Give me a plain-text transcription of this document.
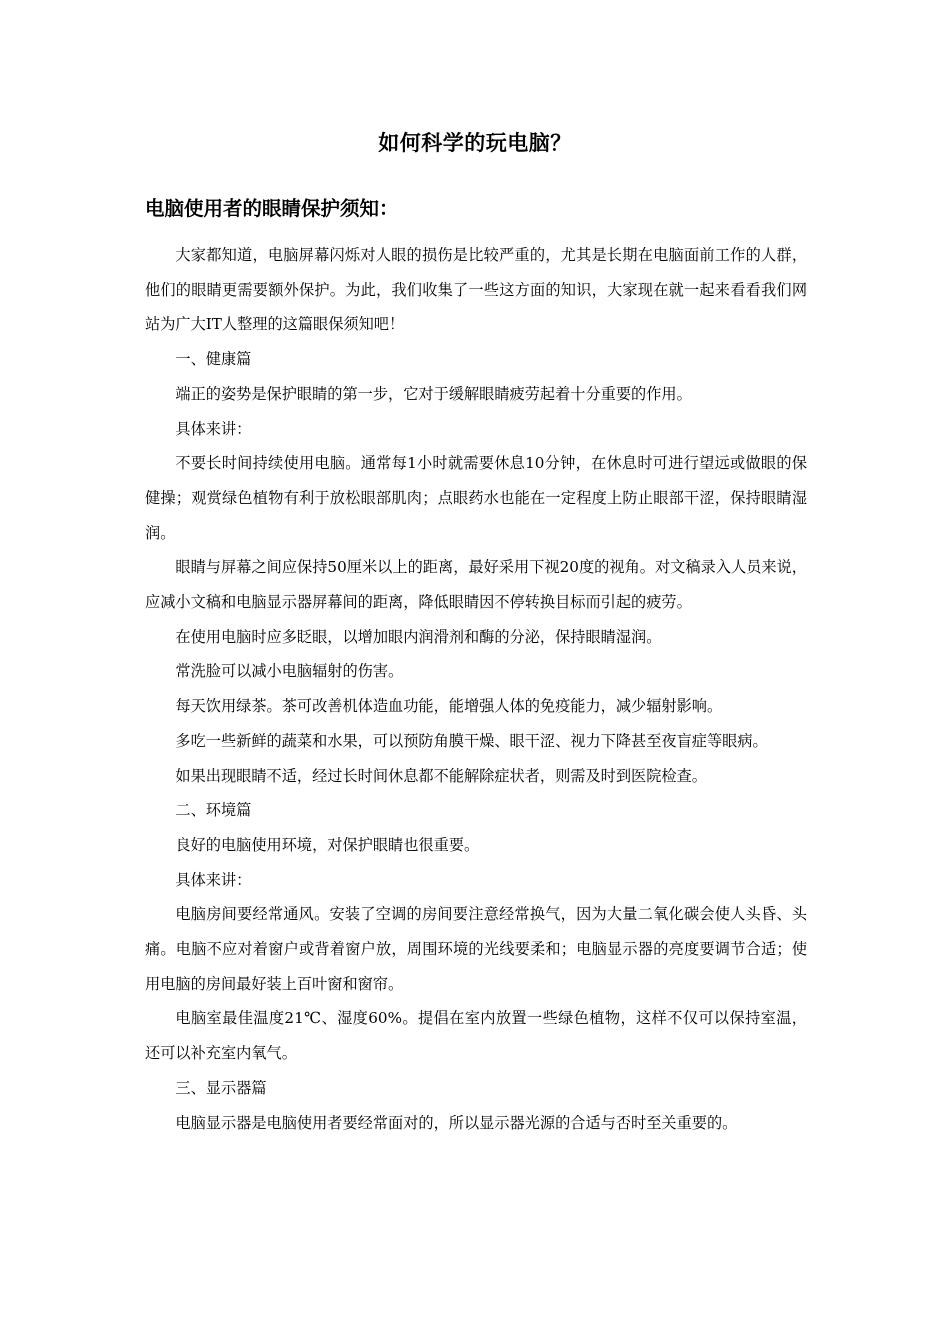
如何科学的玩电脑？
电脑使用者的眼睛保护须知：

大家都知道，电脑屏幕闪烁对人眼的损伤是比较严重的，尤其是长期在电脑面前工作的人群，他们的眼睛更需要额外保护。为此，我们收集了一些这方面的知识，大家现在就一起来看看我们网站为广大IT人整理的这篇眼保须知吧！

一、健康篇

端正的姿势是保护眼睛的第一步，它对于缓解眼睛疲劳起着十分重要的作用。

具体来讲：

不要长时间持续使用电脑。通常每1小时就需要休息10分钟，在休息时可进行望远或做眼的保健操；观赏绿色植物有利于放松眼部肌肉；点眼药水也能在一定程度上防止眼部干涩，保持眼睛湿润。

眼睛与屏幕之间应保持50厘米以上的距离，最好采用下视20度的视角。对文稿录入人员来说，应减小文稿和电脑显示器屏幕间的距离，降低眼睛因不停转换目标而引起的疲劳。

在使用电脑时应多眨眼，以增加眼内润滑剂和酶的分泌，保持眼睛湿润。

常洗脸可以减小电脑辐射的伤害。

每天饮用绿茶。茶可改善机体造血功能，能增强人体的免疫能力，减少辐射影响。

多吃一些新鲜的蔬菜和水果，可以预防角膜干燥、眼干涩、视力下降甚至夜盲症等眼病。

如果出现眼睛不适，经过长时间休息都不能解除症状者，则需及时到医院检查。

二、环境篇

良好的电脑使用环境，对保护眼睛也很重要。

具体来讲：

电脑房间要经常通风。安装了空调的房间要注意经常换气，因为大量二氧化碳会使人头昏、头痛。电脑不应对着窗户或背着窗户放，周围环境的光线要柔和；电脑显示器的亮度要调节合适；使用电脑的房间最好装上百叶窗和窗帘。

电脑室最佳温度21℃、湿度60%。提倡在室内放置一些绿色植物，这样不仅可以保持室温，还可以补充室内氧气。

三、显示器篇

电脑显示器是电脑使用者要经常面对的，所以显示器光源的合适与否时至关重要的。
